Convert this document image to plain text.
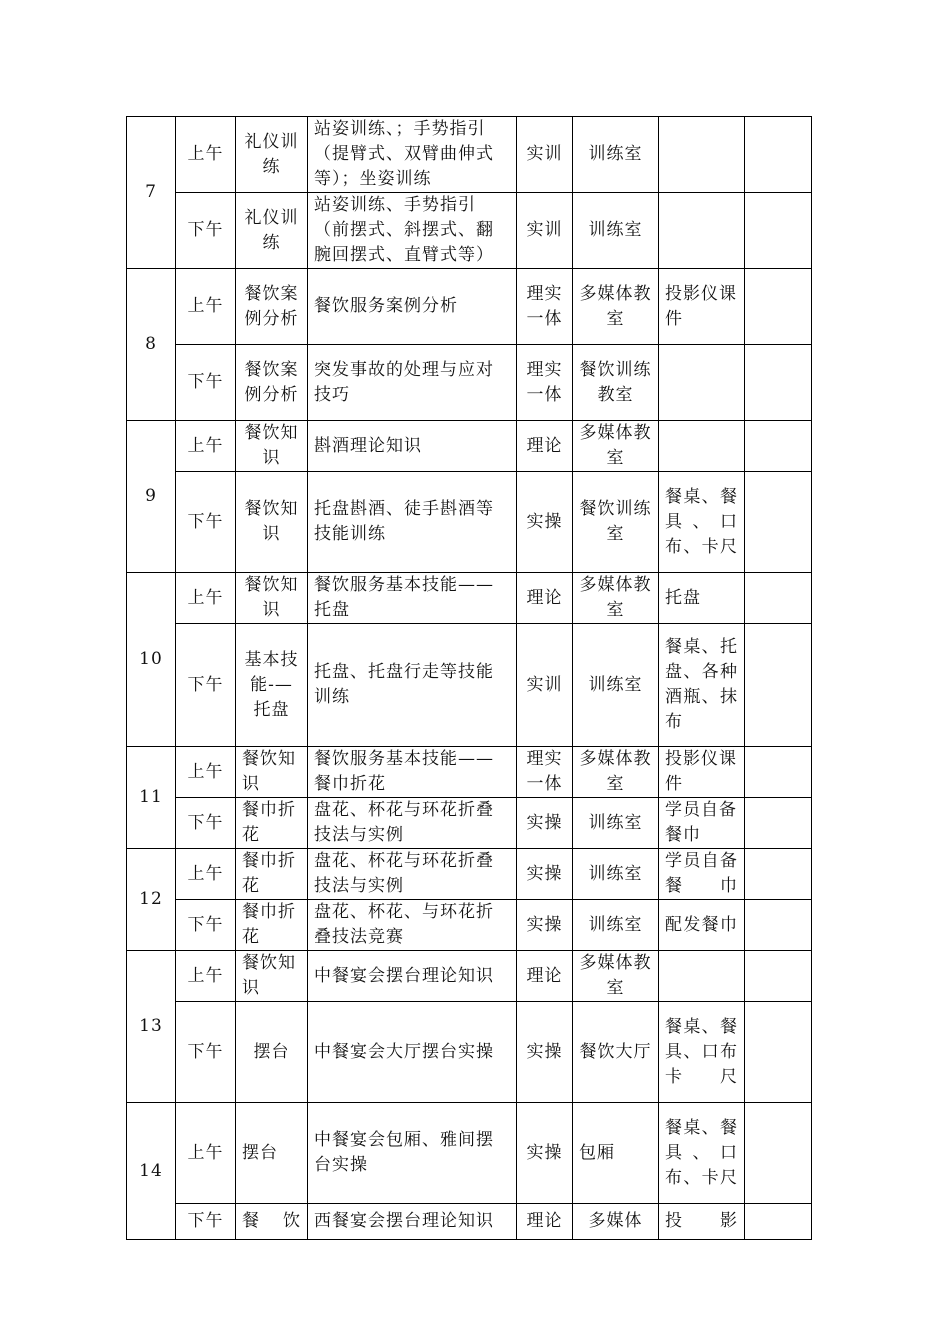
7	上午	礼仪训练	站姿训练、；手势指引（提臂式、双臂曲伸式等）；坐姿训练	实训	训练室		
	下午	礼仪训练	站姿训练、手势指引（前摆式、斜摆式、翻腕回摆式、直臂式等）	实训	训练室		
8	上午	餐饮案例分析	餐饮服务案例分析	理实一体	多媒体教室	投影仪课件	
	下午	餐饮案例分析	突发事故的处理与应对技巧	理实一体	餐饮训练教室		
9	上午	餐饮知识	斟酒理论知识	理论	多媒体教室		
	下午	餐饮知识	托盘斟酒、徒手斟酒等技能训练	实操	餐饮训练室	餐桌、餐具、口布、卡尺	
10	上午	餐饮知识	餐饮服务基本技能——托盘	理论	多媒体教室	托盘	
	下午	基本技能-—托盘	托盘、托盘行走等技能训练	实训	训练室	餐桌、托盘、各种酒瓶、抹布	
11	上午	餐饮知识	餐饮服务基本技能——餐巾折花	理实一体	多媒体教室	投影仪课件	
	下午	餐巾折花	盘花、杯花与环花折叠技法与实例	实操	训练室	学员自备餐巾	
12	上午	餐巾折花	盘花、杯花与环花折叠技法与实例	实操	训练室	学员自备餐巾	
	下午	餐巾折花	盘花、杯花、与环花折叠技法竞赛	实操	训练室	配发餐巾	
13	上午	餐饮知识	中餐宴会摆台理论知识	理论	多媒体教室		
	下午	摆台	中餐宴会大厅摆台实操	实操	餐饮大厅	餐桌、餐具、口布卡尺	
14	上午	摆台	中餐宴会包厢、雅间摆台实操	实操	包厢	餐桌、餐具、口布、卡尺	
	下午	餐饮	西餐宴会摆台理论知识	理论	多媒体	投影	
